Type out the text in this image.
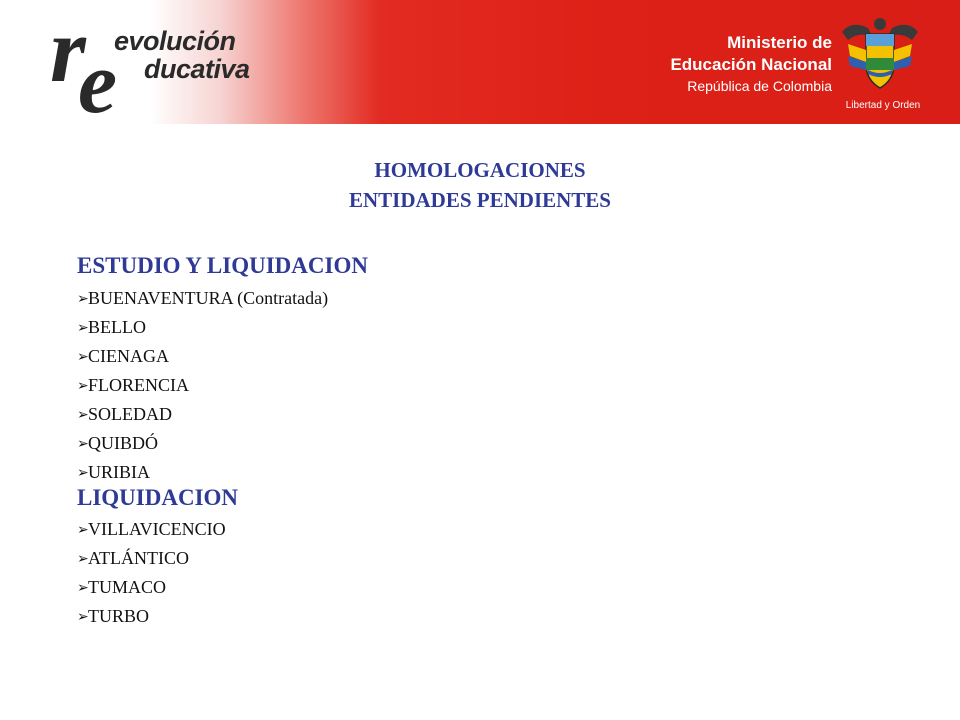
r
e
evolución
ducativa
Ministerio de
Educación Nacional
República de Colombia
Libertad y Orden
HOMOLOGACIONES
ENTIDADES PENDIENTES
ESTUDIO Y LIQUIDACION
➢BUENAVENTURA (Contratada)
➢BELLO
➢CIENAGA
➢FLORENCIA
➢SOLEDAD
➢QUIBDÓ
➢URIBIA
LIQUIDACION
➢VILLAVICENCIO
➢ATLÁNTICO
➢TUMACO
➢TURBO
